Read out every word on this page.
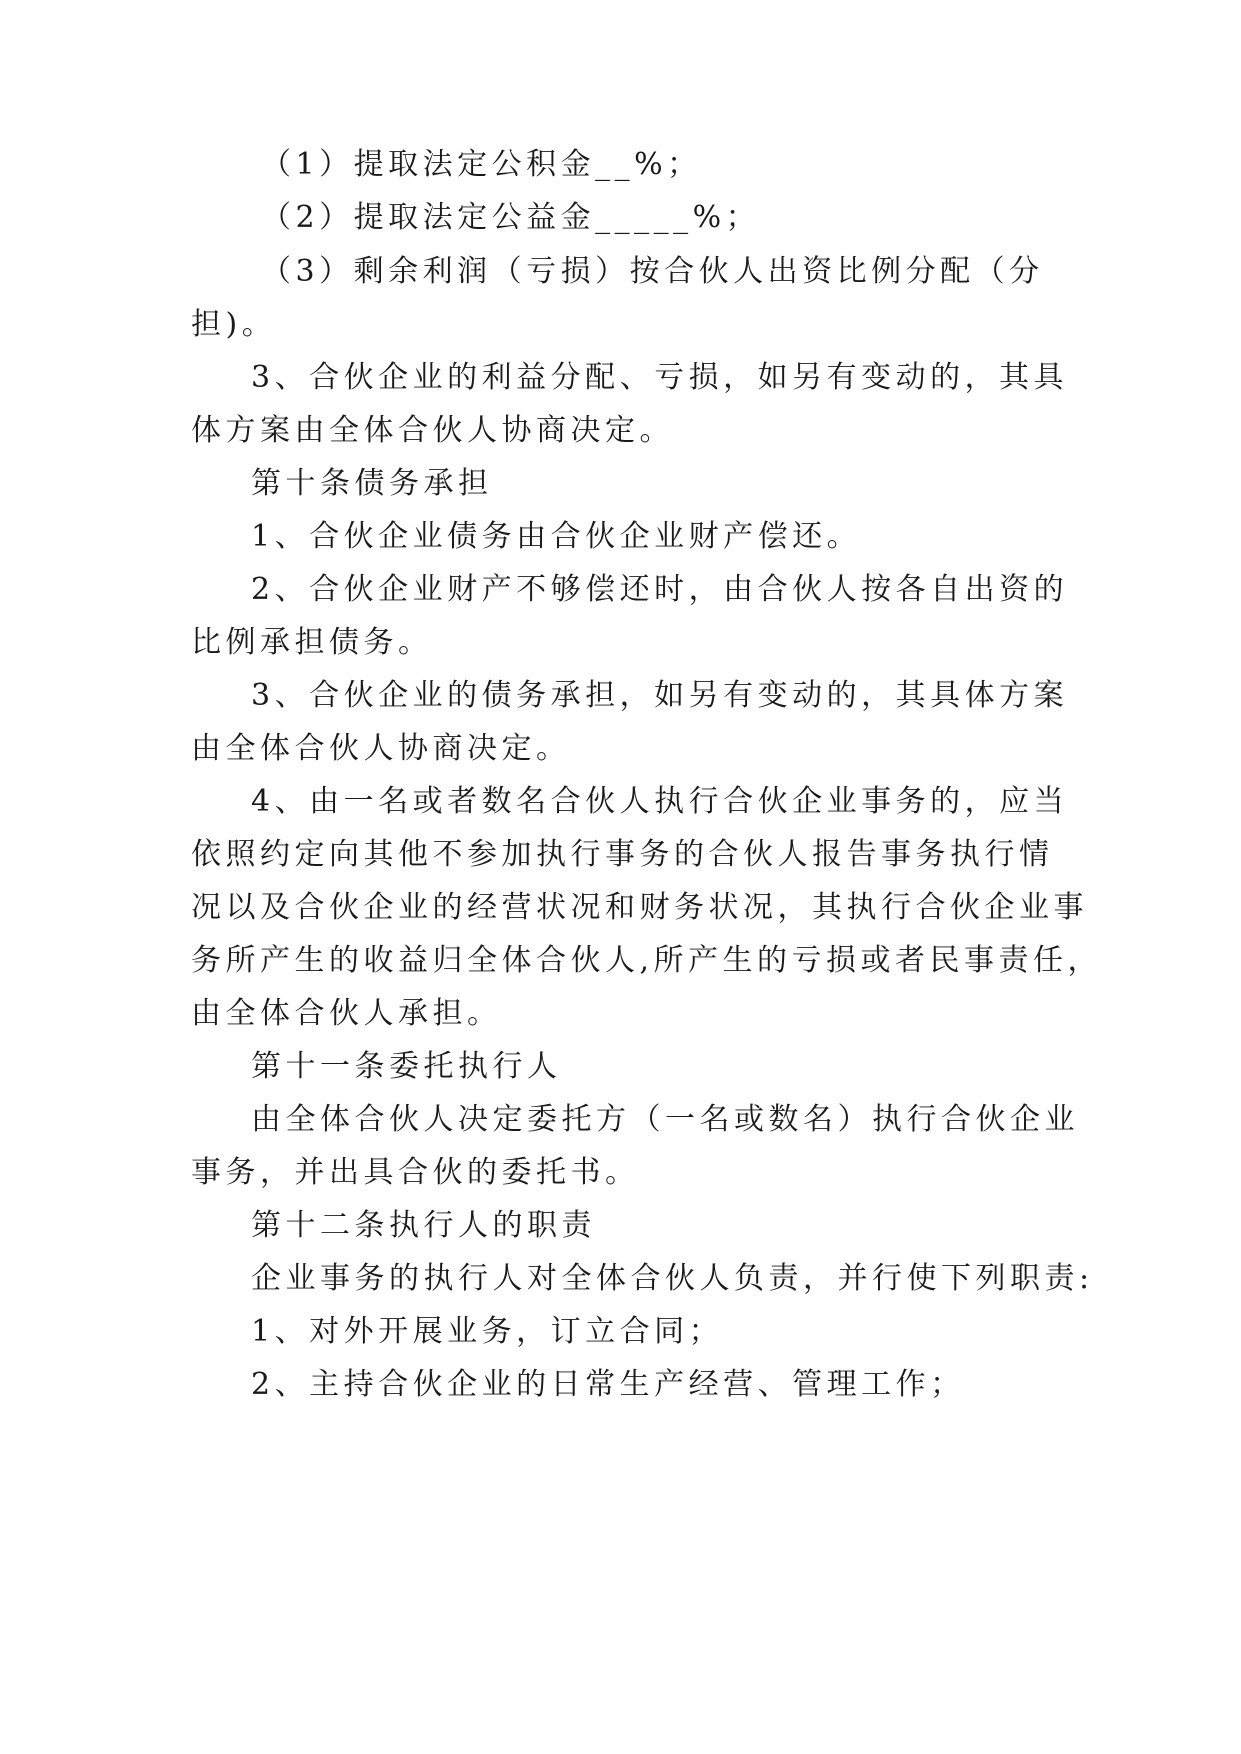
（1）提取法定公积金__%；
（2）提取法定公益金_____%；
（3）剩余利润（亏损）按合伙人出资比例分配（分
担)。
3、合伙企业的利益分配、亏损，如另有变动的，其具
体方案由全体合伙人协商决定。
第十条债务承担
1、合伙企业债务由合伙企业财产偿还。
2、合伙企业财产不够偿还时，由合伙人按各自出资的
比例承担债务。
3、合伙企业的债务承担，如另有变动的，其具体方案
由全体合伙人协商决定。
4、由一名或者数名合伙人执行合伙企业事务的，应当
依照约定向其他不参加执行事务的合伙人报告事务执行情
况以及合伙企业的经营状况和财务状况，其执行合伙企业事
务所产生的收益归全体合伙人,所产生的亏损或者民事责任，
由全体合伙人承担。
第十一条委托执行人
由全体合伙人决定委托方（一名或数名）执行合伙企业
事务，并出具合伙的委托书。
第十二条执行人的职责
企业事务的执行人对全体合伙人负责，并行使下列职责:
1、对外开展业务，订立合同；
2、主持合伙企业的日常生产经营、管理工作；
